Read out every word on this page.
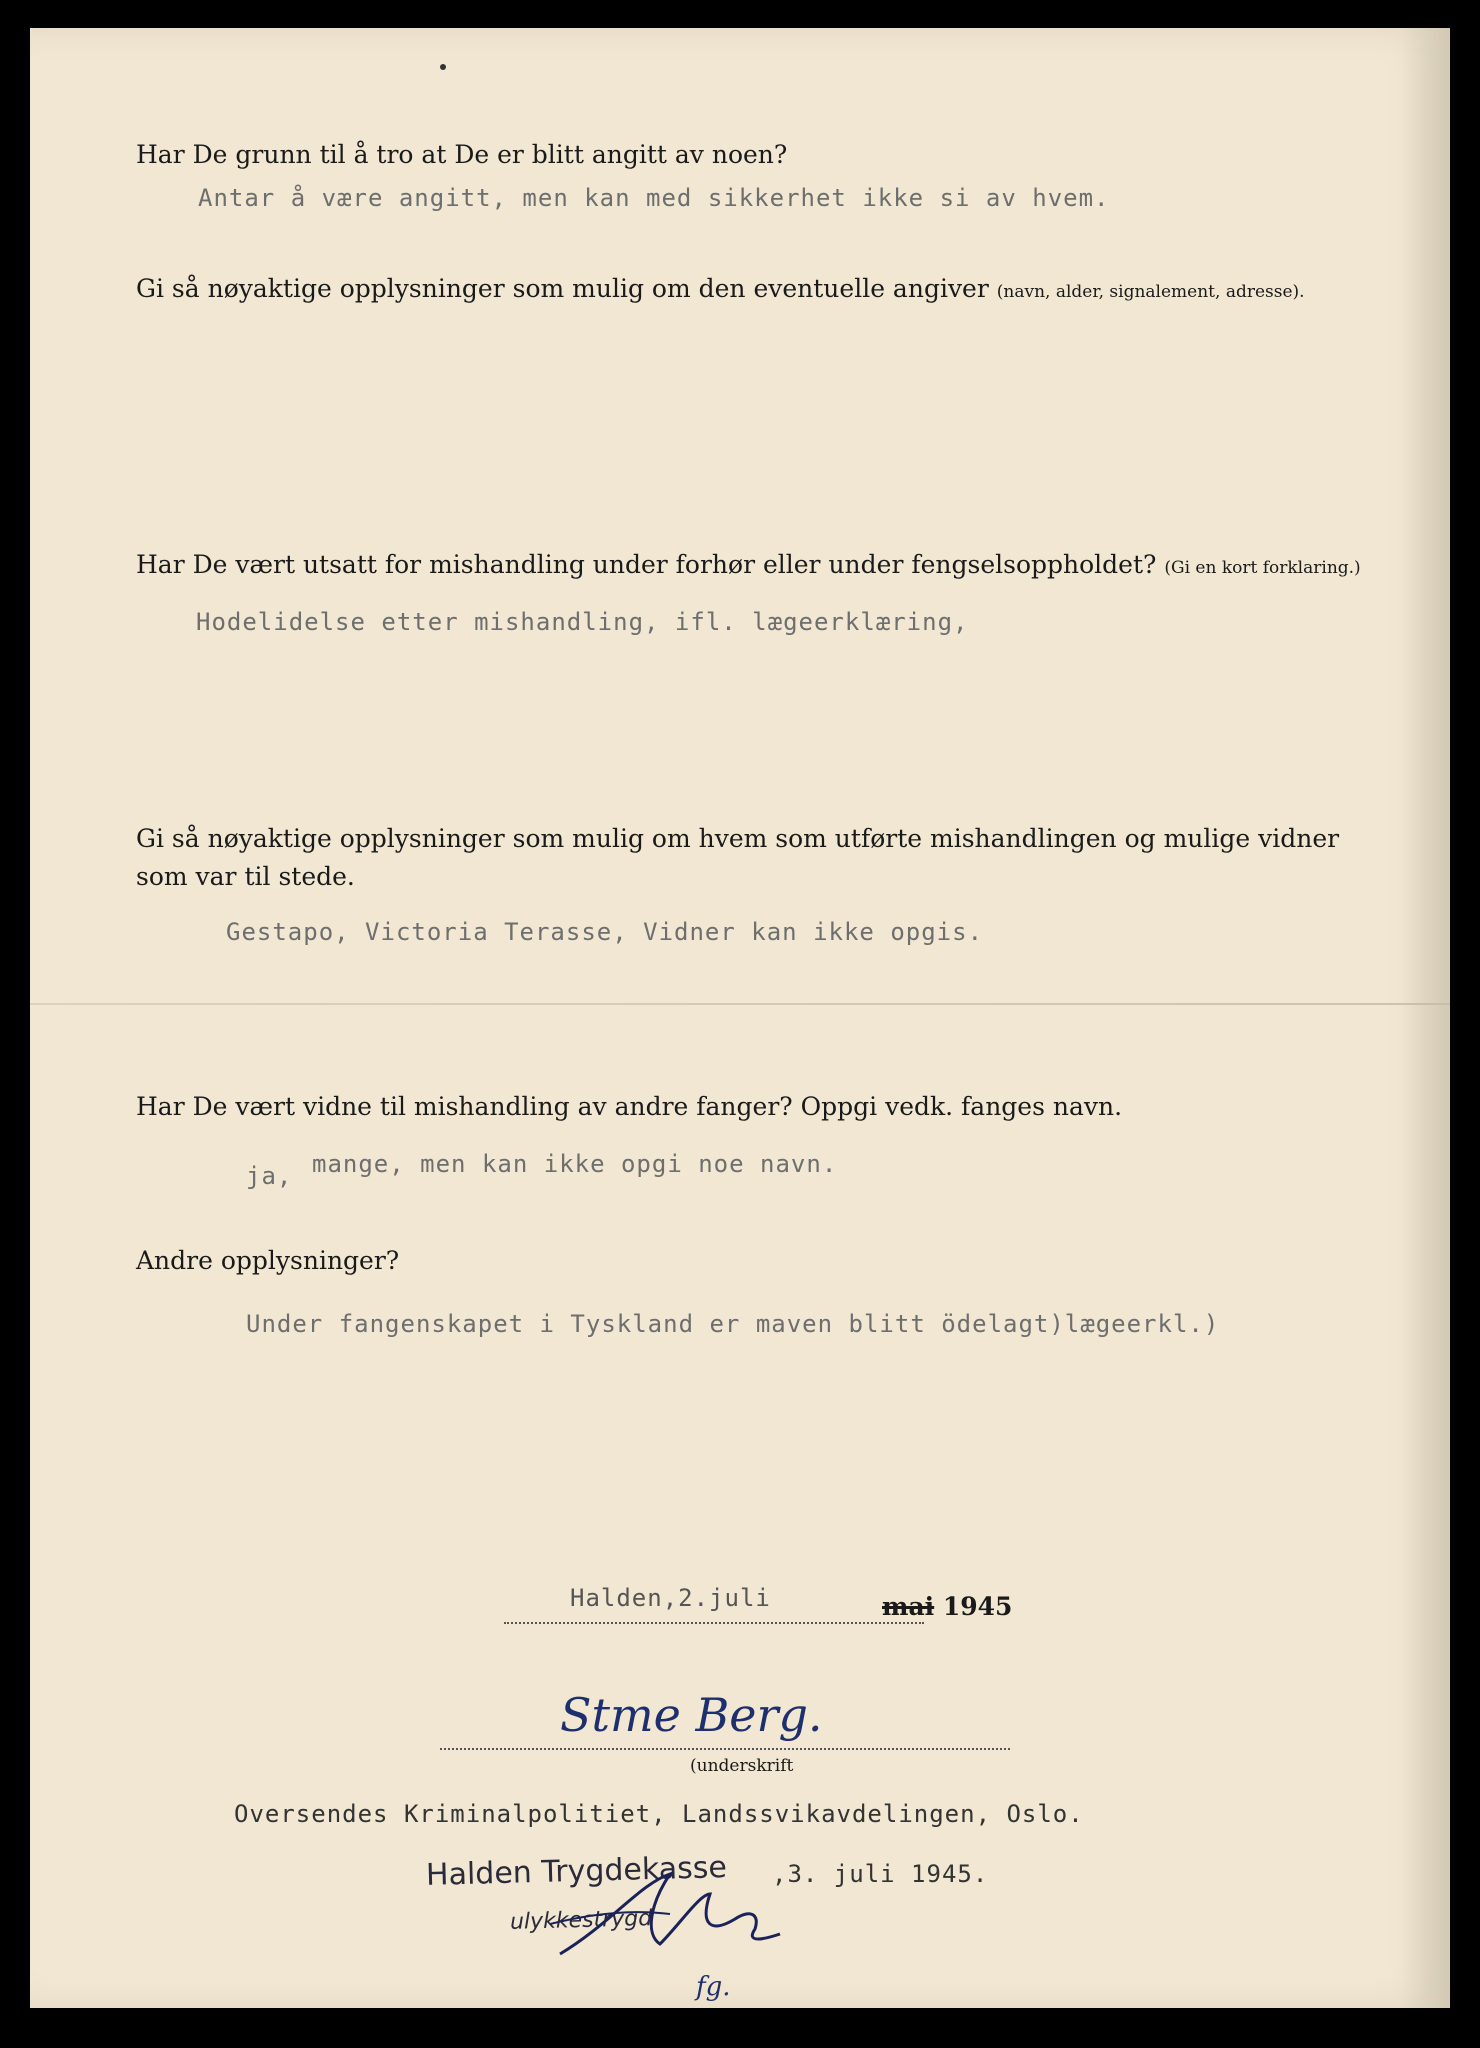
Har De grunn til å tro at De er blitt angitt av noen?
Antar å være angitt, men kan med sikkerhet ikke si av hvem.
Gi så nøyaktige opplysninger som mulig om den eventuelle angiver (navn, alder, signalement, adresse).
Har De vært utsatt for mishandling under forhør eller under fengselsoppholdet? (Gi en kort forklaring.)
Hodelidelse etter mishandling, ifl. lægeerklæring,
Gi så nøyaktige opplysninger som mulig om hvem som utførte mishandlingen og mulige vidner
som var til stede.
Gestapo, Victoria Terasse, Vidner kan ikke opgis.
Har De vært vidne til mishandling av andre fanger? Oppgi vedk. fanges navn.
ja, mange, men kan ikke opgi noe navn.
Andre opplysninger?
Under fangenskapet i Tyskland er maven blitt ödelagt)lægeerkl.)
Halden,2.juli	mai 1945
Stme Berg.
(underskrift
Oversendes Kriminalpolitiet, Landssvikavdelingen, Oslo.
Halden Trygdekasse ,3. juli 1945.
ulykkestrygd
fg.
